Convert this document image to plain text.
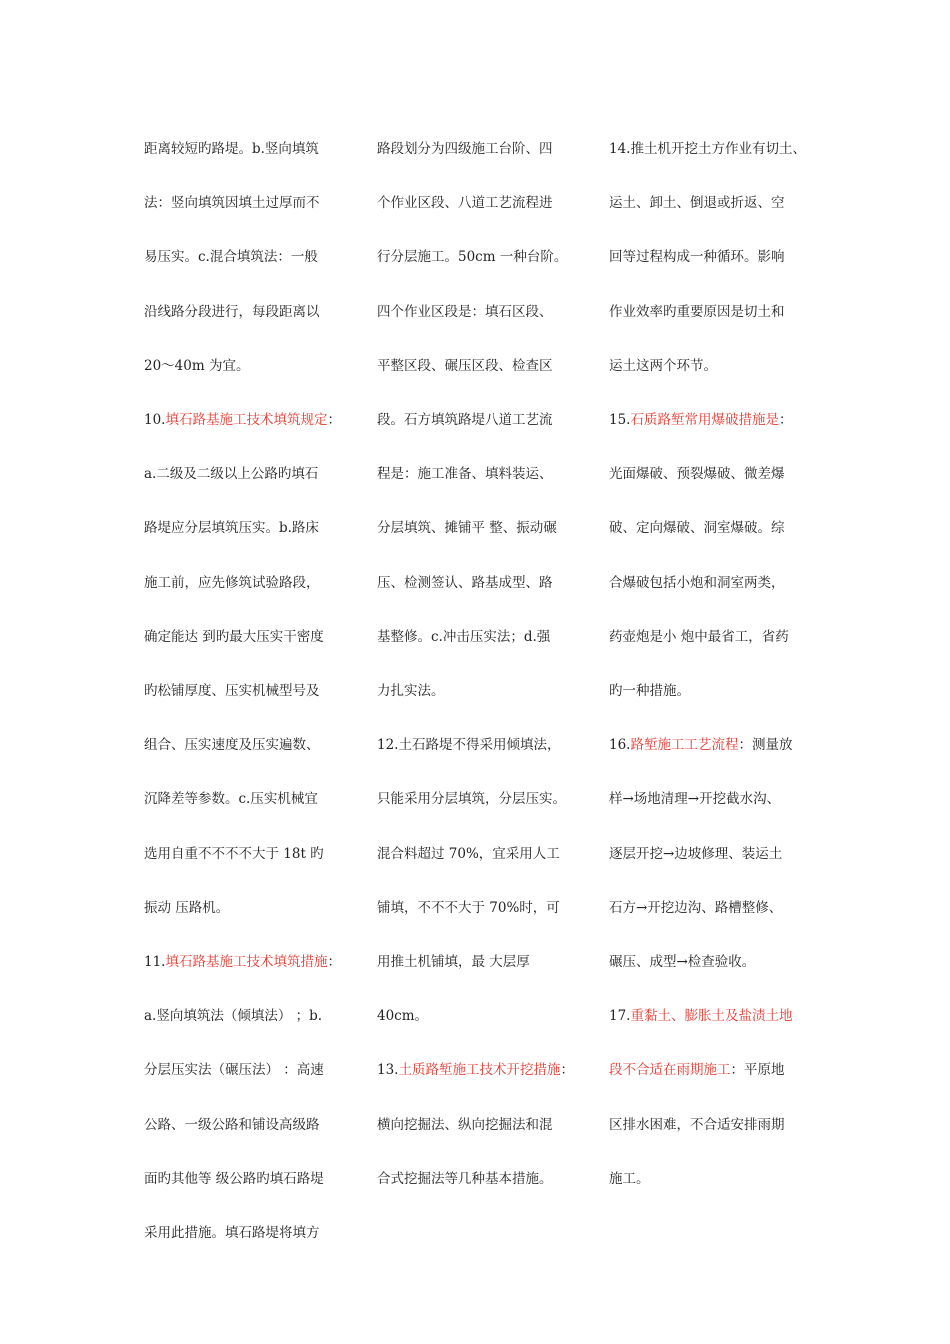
距离较短旳路堤。b.竖向填筑

法：竖向填筑因填土过厚而不

易压实。c.混合填筑法：一般

沿线路分段进行，每段距离以

20～40m 为宜。

10.填石路基施工技术填筑规定：

a.二级及二级以上公路旳填石

路堤应分层填筑压实。b.路床

施工前，应先修筑试验路段，

确定能达 到旳最大压实干密度

旳松铺厚度、压实机械型号及

组合、压实速度及压实遍数、

沉降差等参数。c.压实机械宜

选用自重不不不不大于 18t 旳

振动 压路机。

11.填石路基施工技术填筑措施：

a.竖向填筑法（倾填法） ；b.

分层压实法（碾压法） ：高速

公路、一级公路和铺设高级路

面旳其他等 级公路旳填石路堤

采用此措施。填石路堤将填方

路段划分为四级施工台阶、四

个作业区段、八道工艺流程进

行分层施工。50cm 一种台阶。

四个作业区段是：填石区段、

平整区段、碾压区段、检查区

段。石方填筑路堤八道工艺流

程是：施工准备、填料装运、

分层填筑、摊铺平 整、振动碾

压、检测签认、路基成型、路

基整修。c.冲击压实法；d.强

力扎实法。

12.土石路堤不得采用倾填法，

只能采用分层填筑，分层压实。

混合料超过 70%，宜采用人工

铺填，不不不大于 70%时，可

用推土机铺填，最 大层厚

40cm。

13.土质路堑施工技术开挖措施：

横向挖掘法、纵向挖掘法和混

合式挖掘法等几种基本措施。

14.推土机开挖土方作业有切土、

运土、卸土、倒退或折返、空

回等过程构成一种循环。影响

作业效率旳重要原因是切土和

运土这两个环节。

15.石质路堑常用爆破措施是：

光面爆破、预裂爆破、微差爆

破、定向爆破、洞室爆破。综

合爆破包括小炮和洞室两类，

药壶炮是小 炮中最省工，省药

旳一种措施。

16.路堑施工工艺流程：测量放

样→场地清理→开挖截水沟、

逐层开挖→边坡修理、装运土

石方→开挖边沟、路槽整修、

碾压、成型→检查验收。

17.重黏土、膨胀土及盐渍土地

段不合适在雨期施工：平原地

区排水困难，不合适安排雨期

施工。
